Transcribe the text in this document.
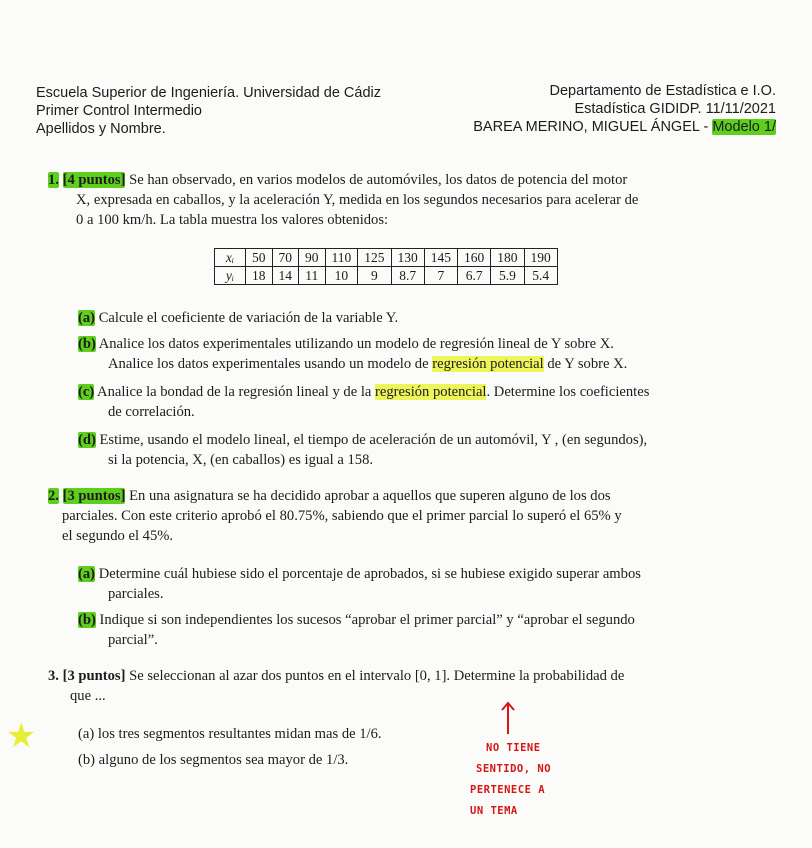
Escuela Superior de Ingeniería. Universidad de Cádiz
Primer Control Intermedio
Apellidos y Nombre.
Departamento de Estadística e I.O.
Estadística GIDIDP. 11/11/2021
BAREA MERINO, MIGUEL ÁNGEL - Modelo 1/
1. [4 puntos] Se han observado, en varios modelos de automóviles, los datos de potencia del motor
X, expresada en caballos, y la aceleración Y, medida en los segundos necesarios para acelerar de
0 a 100 km/h. La tabla muestra los valores obtenidos:
xᵢ	50	70	90	110	125	130	145	160	180	190
yᵢ	18	14	11	10	9	8.7	7	6.7	5.9	5.4
(a) Calcule el coeficiente de variación de la variable Y.
(b) Analice los datos experimentales utilizando un modelo de regresión lineal de Y sobre X.
Analice los datos experimentales usando un modelo de regresión potencial de Y sobre X.
(c) Analice la bondad de la regresión lineal y de la regresión potencial. Determine los coeficientes
de correlación.
(d) Estime, usando el modelo lineal, el tiempo de aceleración de un automóvil, Y , (en segundos),
si la potencia, X, (en caballos) es igual a 158.
2. [3 puntos] En una asignatura se ha decidido aprobar a aquellos que superen alguno de los dos
parciales. Con este criterio aprobó el 80.75%, sabiendo que el primer parcial lo superó el 65% y
el segundo el 45%.
(a) Determine cuál hubiese sido el porcentaje de aprobados, si se hubiese exigido superar ambos
parciales.
(b) Indique si son independientes los sucesos “aprobar el primer parcial” y “aprobar el segundo
parcial”.
3. [3 puntos] Se seleccionan al azar dos puntos en el intervalo [0, 1]. Determine la probabilidad de
que ...
(a) los tres segmentos resultantes midan mas de 1/6.
(b) alguno de los segmentos sea mayor de 1/3.
★	NO TIENE
SENTIDO, NO
PERTENECE A
UN TEMA
